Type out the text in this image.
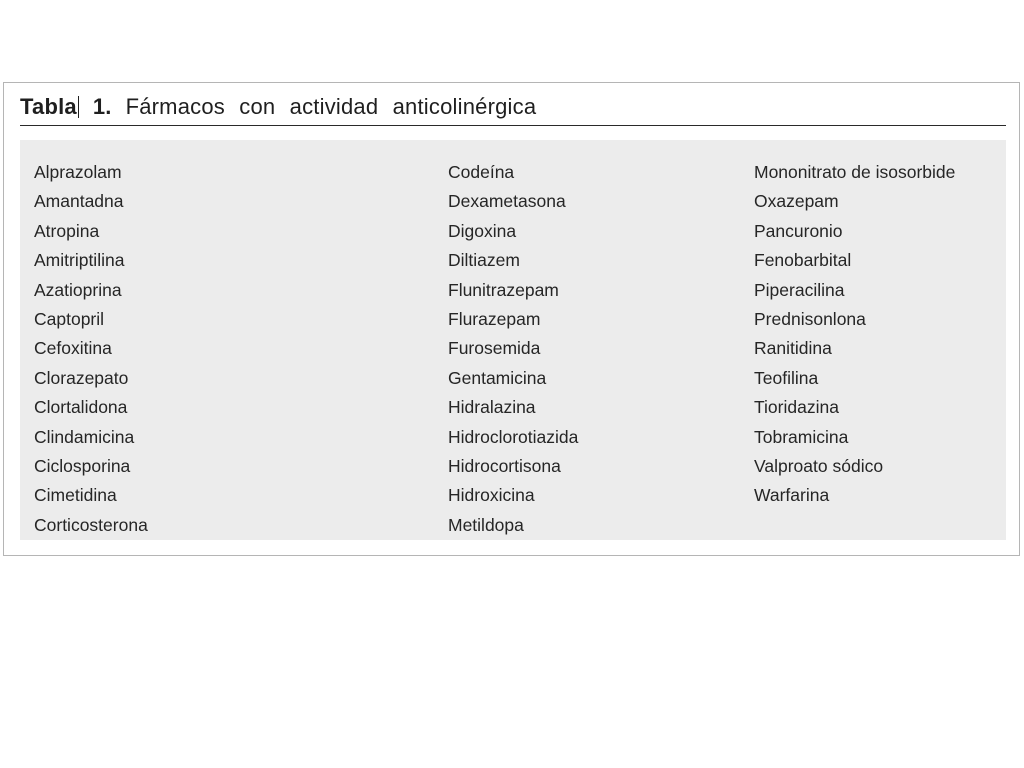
Tabla 1. Fármacos con actividad anticolinérgica
Alprazolam
Amantadna
Atropina
Amitriptilina
Azatioprina
Captopril
Cefoxitina
Clorazepato
Clortalidona
Clindamicina
Ciclosporina
Cimetidina
Corticosterona
Codeína
Dexametasona
Digoxina
Diltiazem
Flunitrazepam
Flurazepam
Furosemida
Gentamicina
Hidralazina
Hidroclorotiazida
Hidrocortisona
Hidroxicina
Metildopa
Mononitrato de isosorbide
Oxazepam
Pancuronio
Fenobarbital
Piperacilina
Prednisonlona
Ranitidina
Teofilina
Tioridazina
Tobramicina
Valproato sódico
Warfarina
